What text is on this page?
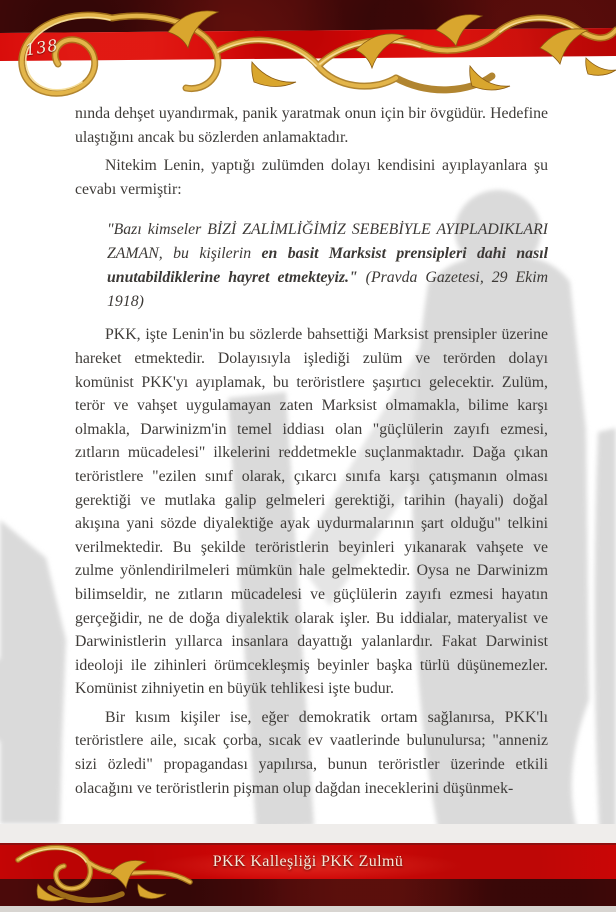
138

nında dehşet uyandırmak, panik yaratmak onun için bir övgüdür. Hedefine ulaştığını ancak bu sözlerden anlamaktadır.

Nitekim Lenin, yaptığı zulümden dolayı kendisini ayıplayanlara şu cevabı vermiştir:

"Bazı kimseler BİZİ ZALİMLİĞİMİZ SEBEBİYLE AYIPLADIKLARI ZAMAN, bu kişilerin en basit Marksist prensipleri dahi nasıl unutabildiklerine hayret etmekteyiz." (Pravda Gazetesi, 29 Ekim 1918)

PKK, işte Lenin'in bu sözlerde bahsettiği Marksist prensipler üzerine hareket etmektedir. Dolayısıyla işlediği zulüm ve terörden dolayı komünist PKK'yı ayıplamak, bu teröristlere şaşırtıcı gelecektir. Zulüm, terör ve vahşet uygulamayan zaten Marksist olmamakla, bilime karşı olmakla, Darwinizm'in temel iddiası olan "güçlülerin zayıfı ezmesi, zıtların mücadelesi" ilkelerini reddetmekle suçlanmaktadır. Dağa çıkan teröristlere "ezilen sınıf olarak, çıkarcı sınıfa karşı çatışmanın olması gerektiği ve mutlaka galip gelmeleri gerektiği, tarihin (hayali) doğal akışına yani sözde diyalektiğe ayak uydurmalarının şart olduğu" telkini verilmektedir. Bu şekilde teröristlerin beyinleri yıkanarak vahşete ve zulme yönlendirilmeleri mümkün hale gelmektedir. Oysa ne Darwinizm bilimseldir, ne zıtların mücadelesi ve güçlülerin zayıfı ezmesi hayatın gerçeğidir, ne de doğa diyalektik olarak işler. Bu iddialar, materyalist ve Darwinistlerin yıllarca insanlara dayattığı yalanlardır. Fakat Darwinist ideoloji ile zihinleri örümcekleşmiş beyinler başka türlü düşünemezler. Komünist zihniyetin en büyük tehlikesi işte budur.

Bir kısım kişiler ise, eğer demokratik ortam sağlanırsa, PKK'lı teröristlere aile, sıcak çorba, sıcak ev vaatlerinde bulunulursa; "anneniz sizi özledi" propagandası yapılırsa, bunun teröristler üzerinde etkili olacağını ve teröristlerin pişman olup dağdan ineceklerini düşünmek-

PKK Kalleşliği PKK Zulmü
